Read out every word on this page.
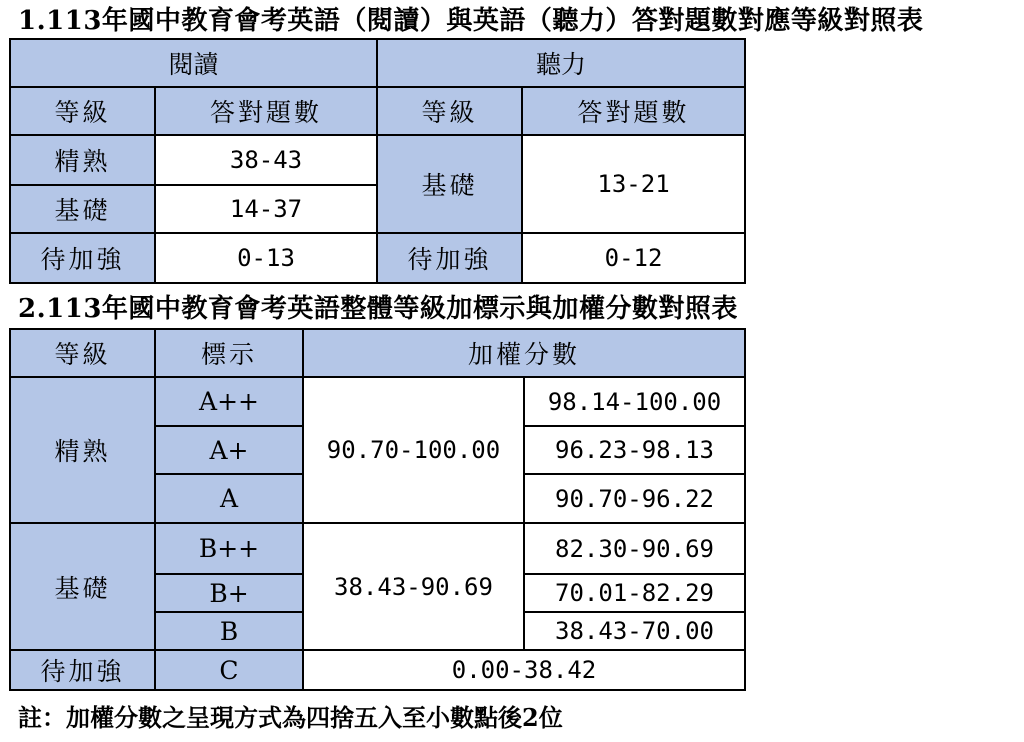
1.113年國中教育會考英語（閱讀）與英語（聽力）答對題數對應等級對照表
閱讀		聽力	
等級	答對題數	等級	答對題數
精熟	38-43	基礎	13-21
基礎	14-37		
待加強	0-13	待加強	0-12
2.113年國中教育會考英語整體等級加標示與加權分數對照表
等級	標示	加權分數	
精熟	A++	90.70-100.00	98.14-100.00
	A+		96.23-98.13
	A		90.70-96.22
基礎	B++	38.43-90.69	82.30-90.69
	B+		70.01-82.29
	B		38.43-70.00
待加強	C	0.00-38.42	
註：加權分數之呈現方式為四捨五入至小數點後2位
